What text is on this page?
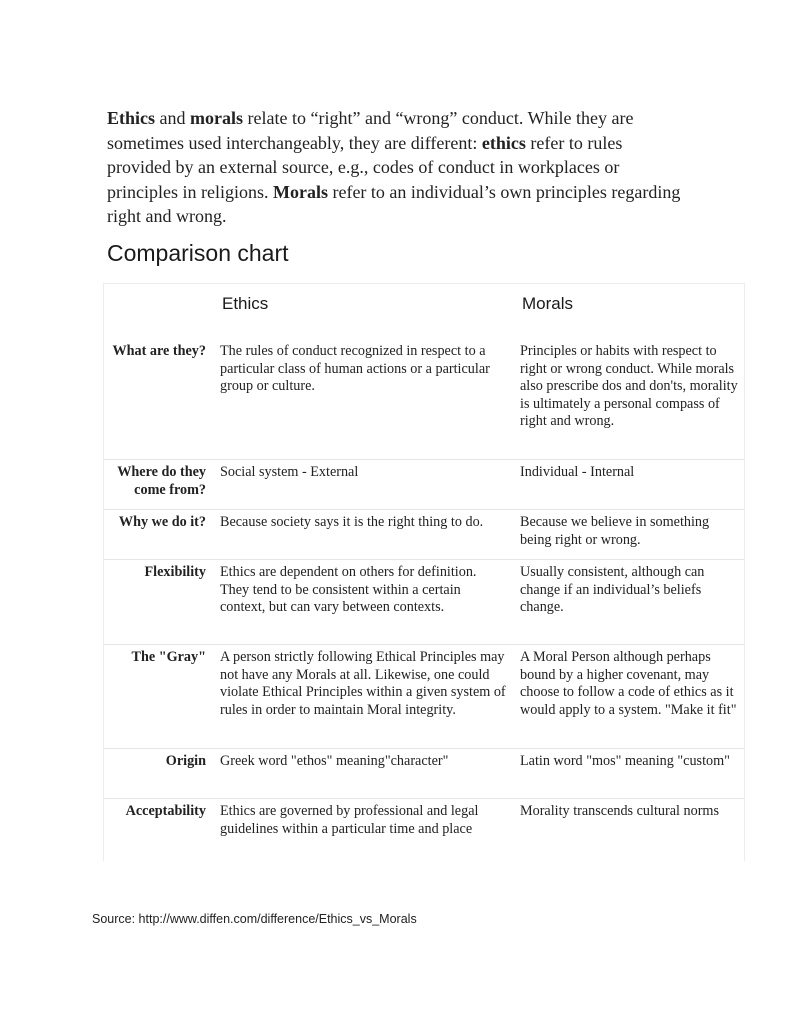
Ethics and morals relate to “right” and “wrong” conduct. While they are sometimes used interchangeably, they are different: ethics refer to rules provided by an external source, e.g., codes of conduct in workplaces or principles in religions. Morals refer to an individual’s own principles regarding right and wrong.
Comparison chart
	Ethics	Morals
What are they?	The rules of conduct recognized in respect to a particular class of human actions or a particular group or culture.	Principles or habits with respect to right or wrong conduct. While morals also prescribe dos and don'ts, morality is ultimately a personal compass of right and wrong.
Where do they come from?	Social system - External	Individual - Internal
Why we do it?	Because society says it is the right thing to do.	Because we believe in something being right or wrong.
Flexibility	Ethics are dependent on others for definition. They tend to be consistent within a certain context, but can vary between contexts.	Usually consistent, although can change if an individual’s beliefs change.
The "Gray"	A person strictly following Ethical Principles may not have any Morals at all. Likewise, one could violate Ethical Principles within a given system of rules in order to maintain Moral integrity.	A Moral Person although perhaps bound by a higher covenant, may choose to follow a code of ethics as it would apply to a system. "Make it fit"
Origin	Greek word "ethos" meaning"character"	Latin word "mos" meaning "custom"
Acceptability	Ethics are governed by professional and legal guidelines within a particular time and place	Morality transcends cultural norms
Source: http://www.diffen.com/difference/Ethics_vs_Morals
